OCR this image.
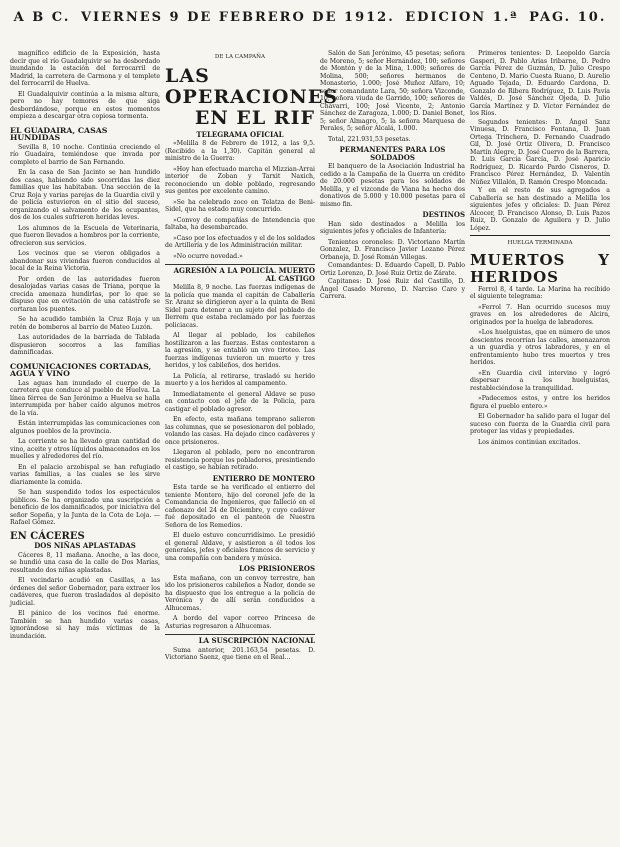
A B C. VIERNES 9 DE FEBRERO DE 1912. EDICION 1.ª PAG. 10.

magnífico edificio de la Exposición, hasta decir que el río Guadalquivir se ha desbordado inundando la estación del ferrocarril de Madrid, la carretera de Carmona y el templete del ferrocarril de Huelva.

El Guadalquivir continúa a la misma altura, pero no hay temores de que siga desbordándose, porque en estos momentos empieza a descargar otra copiosa tormenta.

EL GUADAIRA, CASAS HUNDIDAS

Sevilla 8, 10 noche. Continúa creciendo el río Guadaira, temiéndose que invada por completo el barrio de San Fernando.

En la casa de San Jacinto se han hundido dos casas, habiendo sido socorridas las diez familias que las habitaban. Una sección de la Cruz Roja y varias parejas de la Guardia civil y de policía estuvieron en el sitio del suceso, organizando el salvamento de los ocupantes, dos de los cuales sufrieron heridas leves.

Los alumnos de la Escuela de Veterinaria, que fueron llevados a hombros por la corriente, ofrecieron sus servicios.

Los vecinos que se vieron obligados a abandonar sus viviendas fueron conducidos al local de la Reina Victoria.

Por orden de las autoridades fueron desalojadas varias casas de Triana, porque la crecida amenaza hundirlas, por lo que se dispuso que en evitación de una catástrofe se cortaran los puentes.

Se ha acudido también la Cruz Roja y un retén de bomberos al barrio de Mateo Luzón.

Las autoridades de la barriada de Tablada dispusieron socorros a las familias damnificadas.

COMUNICACIONES CORTADAS, AGUA Y VINO

Las aguas han inundado el cuerpo de la carretera que conduce al pueblo de Huelva. La línea férrea de San Jerónimo a Huelva se halla interrumpida por haber caído algunos metros de la vía.

Están interrumpidas las comunicaciones con algunos pueblos de la provincia.

La corriente se ha llevado gran cantidad de vino, aceite y otros líquidos almacenados en los muelles y alrededores del río.

En el palacio arzobispal se han refugiado varias familias, a las cuales se les sirve diariamente la comida.

Se han suspendido todos los espectáculos públicos. Se ha organizado una suscripción a beneficio de los damnificados, por iniciativa del señor Sopeña, y la Junta de la Cota de Loja. — Rafael Gómez.

EN CÁCERES
DOS NIÑAS APLASTADAS

Cáceres 8, 11 mañana. Anoche, a las doce, se hundió una casa de la calle de Dos Marías, resultando dos niñas aplastadas.

El vecindario acudió en Casillas, a las órdenes del señor Gobernador, para extraer los cadáveres, que fueron trasladados al depósito judicial.

El pánico de los vecinos fué enorme. También se han hundido varias casas, ignorándose si hay más víctimas de la inundación.

DE LA CAMPAÑA
LAS OPERACIONES
EN EL RIF
TELEGRAMA OFICIAL

«Melilla 8 de Febrero de 1912, a las 9,5. (Recibido a la 1,30). Capitán general al ministro de la Guerra:

«Hoy han efectuado marcha el Mizzian-Arrai interior de Zoban y Tarxit Naxich, reconociendo un doble poblado, regresando sus gentes por excelente camino.

»Se ha celebrado zoco en Telatza de Beni-Sidel, que ha estado muy concurrido.

»Convoy de compañías de Intendencia que faltaba, ha desembarcado.

»Caso por los efectuados y el de los soldados de Artillería y de los Administración militar.

»No ocurre novedad.»

AGRESIÓN A LA POLICÍA. MUERTO AL CASTIGO

Melilla 8, 9 noche. Las fuerzas indígenas de la policía que manda el capitán de Caballería Sr. Aranz se dirigieron ayer a la quinta de Beni Sidel para detener a un sujeto del poblado de Ilerrem que estaba reclamado por las fuerzas policiacas.

Al llegar al poblado, los cabileños hostilizaron a las fuerzas. Estas contestaron a la agresión, y se entabló un vivo tiroteo. Las fuerzas indígenas tuvieron un muerto y tres heridos, y los cabileños, dos heridos.

La Policía, al retirarse, trasladó su herido muerto y a los heridos al campamento.

Inmediatamente el general Aldave se puso en contacto con el jefe de la Policía, para castigar el poblado agresor.

En efecto, esta mañana temprano salieron las columnas, que se posesionaron del poblado, volando las casas. Ha dejado cinco cadáveres y once prisioneros.

Llegaron al poblado, pero no encontraron resistencia porque los pobladores, presintiendo el castigo, se habían retirado.

ENTIERRO DE MONTERO

Esta tarde se ha verificado el entierro del teniente Montero, hijo del coronel jefe de la Comandancia de Ingenieros, que falleció en el cañonazo del 24 de Diciembre, y cuyo cadáver fué depositado en el panteón de Nuestra Señora de los Remedios.

El duelo estuvo concurridísimo. Le presidió el general Aldave, y asistieron a él todos los generales, jefes y oficiales francos de servicio y una compañía con bandera y música.

LOS PRISIONEROS

Esta mañana, con un convoy terrestre, han ido los prisioneros cabileños a Nador, donde se ha dispuesto que los entregue a la policía de Verónica y de allí serán conducidos a Alhucemas.

A bordo del vapor correo Princesa de Asturias regresaron a Alhucemas.

LA SUSCRIPCIÓN NACIONAL

Suma anterior, 201.163,54 pesetas. D. Victoriano Saenz, que tiene en el Real...

Salón de San Jerónimo, 45 pesetas; señora de Moreno, 5; señor Hernández, 100; señores de Montón y de la Mina, 1.000; señores de Molina, 500; señores hermanos de Monasterio, 1.000; José Muñoz Alfaro, 10; señor comandante Lara, 50; señora Vizconde, 10; señora viuda de Garrido, 100; señores de Chavarri, 100; José Vicente, 2; Antonio Sánchez de Zaragoza, 1.000; D. Daniel Bonet, 5; señor Almagro, 5; la señora Marquesa de Perales, 5; señor Alcalá, 1.000.

Total, 221.931,53 pesetas.

PERMANENTES PARA LOS SOLDADOS

El banquero de la Asociación Industrial ha cedido a la Campaña de la Guerra un crédito de 20.000 pesetas para los soldados de Melilla, y el vizconde de Viana ha hecho dos donativos de 5.000 y 10.000 pesetas para el mismo fin.

DESTINOS

Han sido destinados a Melilla los siguientes jefes y oficiales de Infantería:

Tenientes coroneles: D. Victoriano Martín Gonzalez, D. Francisco Javier Lozano Pérez Orbaneja, D. José Román Villegas.
Comandantes: D. Eduardo Capell, D. Pablo Ortiz Lorenzo, D. José Ruiz Ortiz de Zárate.
Capitanes: D. José Ruiz del Castillo, D. Ángel Casado Moreno, D. Narciso Caro y Carrera.
Primeros tenientes: D. Leopoldo García Gasperi, D. Pablo Arias Iribarne, D. Pedro García Pérez de Guzmán, D. Julio Crespo Centeno, D. Mario Cuesta Ruano, D. Aurelio Aguado Tejada, D. Eduardo Cardona, D. Gonzalo de Ribera Rodríguez, D. Luis Pavía Valdés, D. José Sánchez Ojeda, D. Julio García Martínez y D. Víctor Fernández de los Ríos.
Segundos tenientes: D. Ángel Sanz Vinuesa, D. Francisco Fontana, D. Juan Ortega Trinchera, D. Fernando Cuadrado Gil, D. José Ortiz Olivera, D. Francisco Martín Alegre, D. José Cuervo de la Barrera, D. Luis García García, D. José Aparicio Rodríguez, D. Ricardo Pardo Cisneros, D. Francisco Pérez Hernández, D. Valentín Núñez Villalón, D. Ramón Crespo Moncada.
Y en el resto de sus agregados a Caballería se han destinado a Melilla los siguientes jefes y oficiales: D. Juan Pérez Alcocer, D. Francisco Alonso, D. Luis Pazos Ruiz, D. Gonzalo de Aguilera y D. Julio López.
HUELGA TERMINADA
MUERTOS Y HERIDOS

Ferrol 8, 4 tarde. La Marina ha recibido el siguiente telegrama:

«Ferrol 7. Han ocurrido sucesos muy graves en los alrededores de Alcira, originados por la huelga de labradores.

»Los huelguistas, que en número de unos doscientos recorrían las calles, amenazaron a un guardia y otros labradores, y en el enfrentamiento hubo tres muertos y tres heridos.

»En Guardia civil intervino y logró dispersar a los huelguistas, restableciéndose la tranquilidad.

»Padecemos estos, y entre los heridos figura el pueblo entero.»

El Gobernador ha salido para el lugar del suceso con fuerza de la Guardia civil para proteger las vidas y propiedades.

Los ánimos continúan excitados.
